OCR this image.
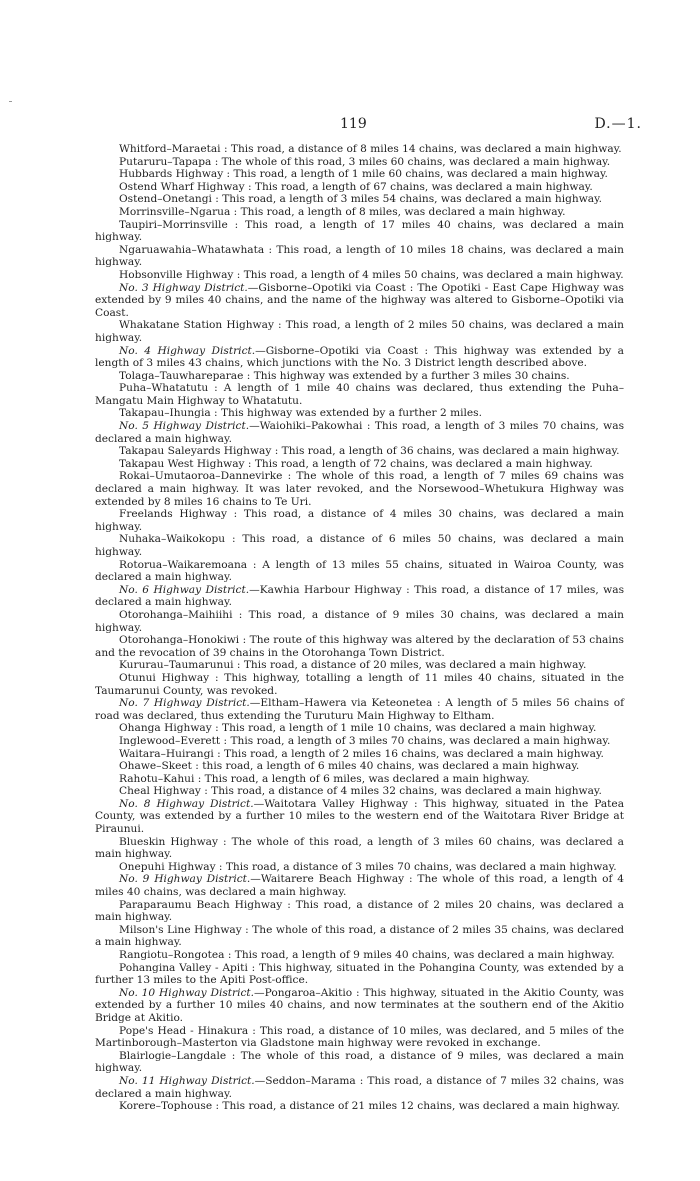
119	D.—1.

Whitford–Maraetai : This road, a distance of 8 miles 14 chains, was declared a main highway.

Putaruru–Tapapa : The whole of this road, 3 miles 60 chains, was declared a main highway.

Hubbards Highway : This road, a length of 1 mile 60 chains, was declared a main highway.

Ostend Wharf Highway : This road, a length of 67 chains, was declared a main highway.

Ostend–Onetangi : This road, a length of 3 miles 54 chains, was declared a main highway.

Morrinsville–Ngarua : This road, a length of 8 miles, was declared a main highway.

Taupiri–Morrinsville : This road, a length of 17 miles 40 chains, was declared a main highway.

Ngaruawahia–Whatawhata : This road, a length of 10 miles 18 chains, was declared a main highway.

Hobsonville Highway : This road, a length of 4 miles 50 chains, was declared a main highway.

No. 3 Highway District.—Gisborne–Opotiki via Coast : The Opotiki - East Cape Highway was extended by 9 miles 40 chains, and the name of the highway was altered to Gisborne–Opotiki via Coast.

Whakatane Station Highway : This road, a length of 2 miles 50 chains, was declared a main highway.

No. 4 Highway District.—Gisborne–Opotiki via Coast : This highway was extended by a length of 3 miles 43 chains, which junctions with the No. 3 District length described above.

Tolaga–Tauwhareparae : This highway was extended by a further 3 miles 30 chains.

Puha–Whatatutu : A length of 1 mile 40 chains was declared, thus extending the Puha–Mangatu Main Highway to Whatatutu.

Takapau–Ihungia : This highway was extended by a further 2 miles.

No. 5 Highway District.—Waiohiki–Pakowhai : This road, a length of 3 miles 70 chains, was declared a main highway.

Takapau Saleyards Highway : This road, a length of 36 chains, was declared a main highway.

Takapau West Highway : This road, a length of 72 chains, was declared a main highway.

Rokai–Umutaoroa–Dannevirke : The whole of this road, a length of 7 miles 69 chains was declared a main highway. It was later revoked, and the Norsewood–Whetukura Highway was extended by 8 miles 16 chains to Te Uri.

Freelands Highway : This road, a distance of 4 miles 30 chains, was declared a main highway.

Nuhaka–Waikokopu : This road, a distance of 6 miles 50 chains, was declared a main highway.

Rotorua–Waikaremoana : A length of 13 miles 55 chains, situated in Wairoa County, was declared a main highway.

No. 6 Highway District.—Kawhia Harbour Highway : This road, a distance of 17 miles, was declared a main highway.

Otorohanga–Maihiihi : This road, a distance of 9 miles 30 chains, was declared a main highway.

Otorohanga–Honokiwi : The route of this highway was altered by the declaration of 53 chains and the revocation of 39 chains in the Otorohanga Town District.

Kururau–Taumarunui : This road, a distance of 20 miles, was declared a main highway.

Otunui Highway : This highway, totalling a length of 11 miles 40 chains, situated in the Taumarunui County, was revoked.

No. 7 Highway District.—Eltham–Hawera via Keteonetea : A length of 5 miles 56 chains of road was declared, thus extending the Turuturu Main Highway to Eltham.

Ohanga Highway : This road, a length of 1 mile 10 chains, was declared a main highway.

Inglewood–Everett : This road, a length of 3 miles 70 chains, was declared a main highway.

Waitara–Huirangi : This road, a length of 2 miles 16 chains, was declared a main highway.

Ohawe–Skeet : this road, a length of 6 miles 40 chains, was declared a main highway.

Rahotu–Kahui : This road, a length of 6 miles, was declared a main highway.

Cheal Highway : This road, a distance of 4 miles 32 chains, was declared a main highway.

No. 8 Highway District.—Waitotara Valley Highway : This highway, situated in the Patea County, was extended by a further 10 miles to the western end of the Waitotara River Bridge at Piraunui.

Blueskin Highway : The whole of this road, a length of 3 miles 60 chains, was declared a main highway.

Onepuhi Highway : This road, a distance of 3 miles 70 chains, was declared a main highway.

No. 9 Highway District.—Waitarere Beach Highway : The whole of this road, a length of 4 miles 40 chains, was declared a main highway.

Paraparaumu Beach Highway : This road, a distance of 2 miles 20 chains, was declared a main highway.

Milson's Line Highway : The whole of this road, a distance of 2 miles 35 chains, was declared a main highway.

Rangiotu–Rongotea : This road, a length of 9 miles 40 chains, was declared a main highway.

Pohangina Valley - Apiti : This highway, situated in the Pohangina County, was extended by a further 13 miles to the Apiti Post-office.

No. 10 Highway District.—Pongaroa–Akitio : This highway, situated in the Akitio County, was extended by a further 10 miles 40 chains, and now terminates at the southern end of the Akitio Bridge at Akitio.

Pope's Head - Hinakura : This road, a distance of 10 miles, was declared, and 5 miles of the Martinborough–Masterton via Gladstone main highway were revoked in exchange.

Blairlogie–Langdale : The whole of this road, a distance of 9 miles, was declared a main highway.

No. 11 Highway District.—Seddon–Marama : This road, a distance of 7 miles 32 chains, was declared a main highway.

Korere–Tophouse : This road, a distance of 21 miles 12 chains, was declared a main highway.
